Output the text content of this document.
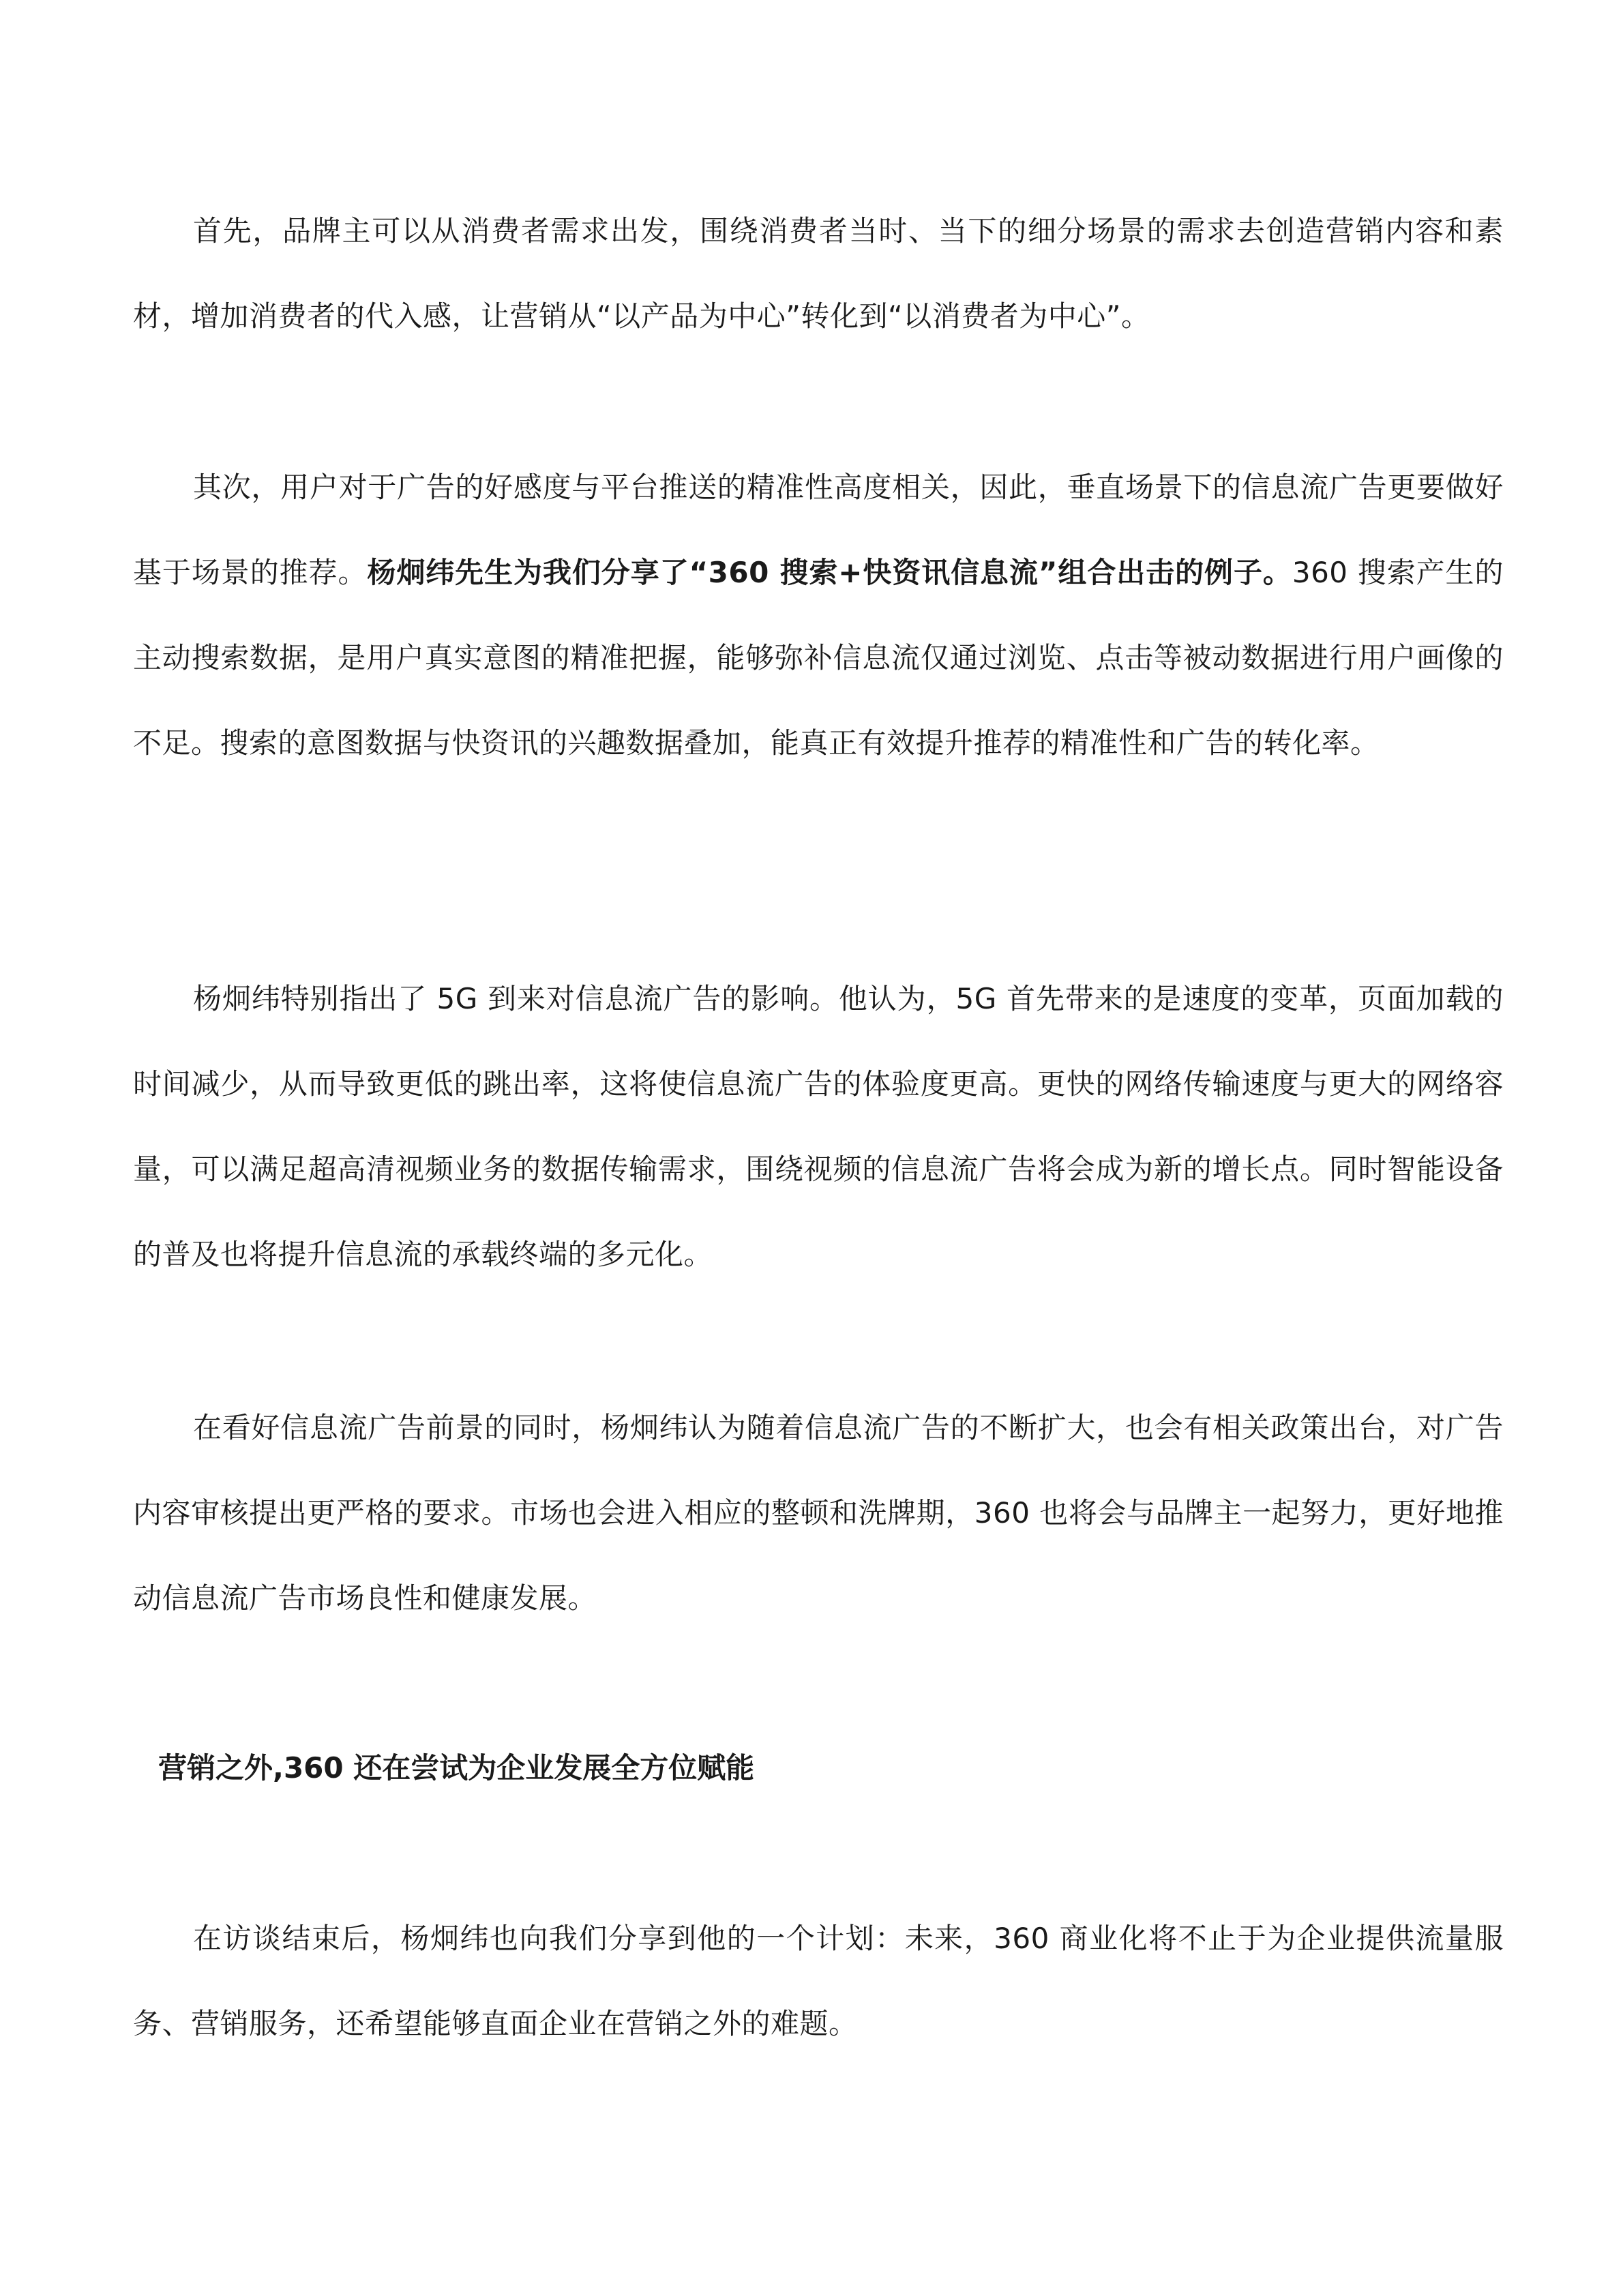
首先，品牌主可以从消费者需求出发，围绕消费者当时、当下的细分场景的需求去创造营销内容和素材，增加消费者的代入感，让营销从“以产品为中心”转化到“以消费者为中心”。

其次，用户对于广告的好感度与平台推送的精准性高度相关，因此，垂直场景下的信息流广告更要做好基于场景的推荐。杨炯纬先生为我们分享了“360 搜索+快资讯信息流”组合出击的例子。360 搜索产生的主动搜索数据，是用户真实意图的精准把握，能够弥补信息流仅通过浏览、点击等被动数据进行用户画像的不足。搜索的意图数据与快资讯的兴趣数据叠加，能真正有效提升推荐的精准性和广告的转化率。

杨炯纬特别指出了 5G 到来对信息流广告的影响。他认为，5G 首先带来的是速度的变革，页面加载的时间减少，从而导致更低的跳出率，这将使信息流广告的体验度更高。更快的网络传输速度与更大的网络容量，可以满足超高清视频业务的数据传输需求，围绕视频的信息流广告将会成为新的增长点。同时智能设备的普及也将提升信息流的承载终端的多元化。

在看好信息流广告前景的同时，杨炯纬认为随着信息流广告的不断扩大，也会有相关政策出台，对广告内容审核提出更严格的要求。市场也会进入相应的整顿和洗牌期，360 也将会与品牌主一起努力，更好地推动信息流广告市场良性和健康发展。

营销之外,360 还在尝试为企业发展全方位赋能

在访谈结束后，杨炯纬也向我们分享到他的一个计划：未来，360 商业化将不止于为企业提供流量服务、营销服务，还希望能够直面企业在营销之外的难题。
